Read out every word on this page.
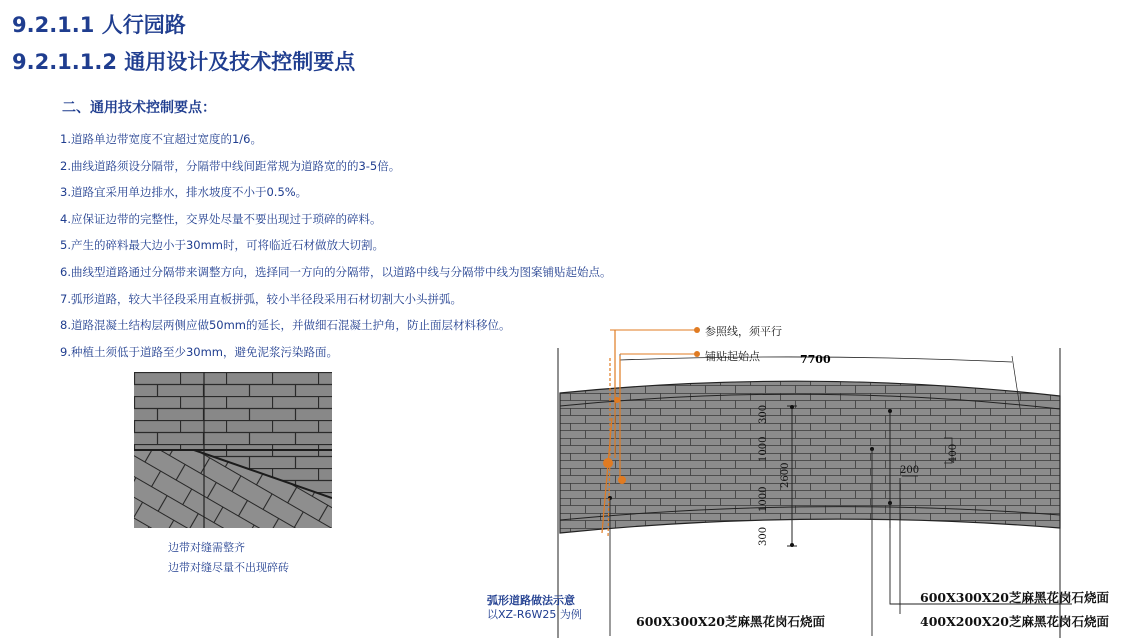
9.2.1.1 人行园路
9.2.1.1.2 通用设计及技术控制要点
二、通用技术控制要点：
1.道路单边带宽度不宜超过宽度的1/6。
2.曲线道路须设分隔带，分隔带中线间距常规为道路宽的的3-5倍。
3.道路宜采用单边排水，排水坡度不小于0.5%。
4.应保证边带的完整性，交界处尽量不要出现过于琐碎的碎料。
5.产生的碎料最大边小于30mm时，可将临近石材做放大切割。
6.曲线型道路通过分隔带来调整方向，选择同一方向的分隔带，以道路中线与分隔带中线为图案铺贴起始点。
7.弧形道路，较大半径段采用直板拼弧，较小半径段采用石材切割大小头拼弧。
8.道路混凝土结构层两侧应做50mm的延长，并做细石混凝土护角，防止面层材料移位。
9.种植土须低于道路至少30mm，避免泥浆污染路面。
边带对缝需整齐
边带对缝尽量不出现碎砖
参照线，须平行
铺贴起始点	7700
300
1000
2600
1000
300
400
200
600X300X20芝麻黑花岗石烧面
600X300X20芝麻黑花岗石烧面	400X200X20芝麻黑花岗石烧面
弧形道路做法示意
以XZ-R6W25 为例
